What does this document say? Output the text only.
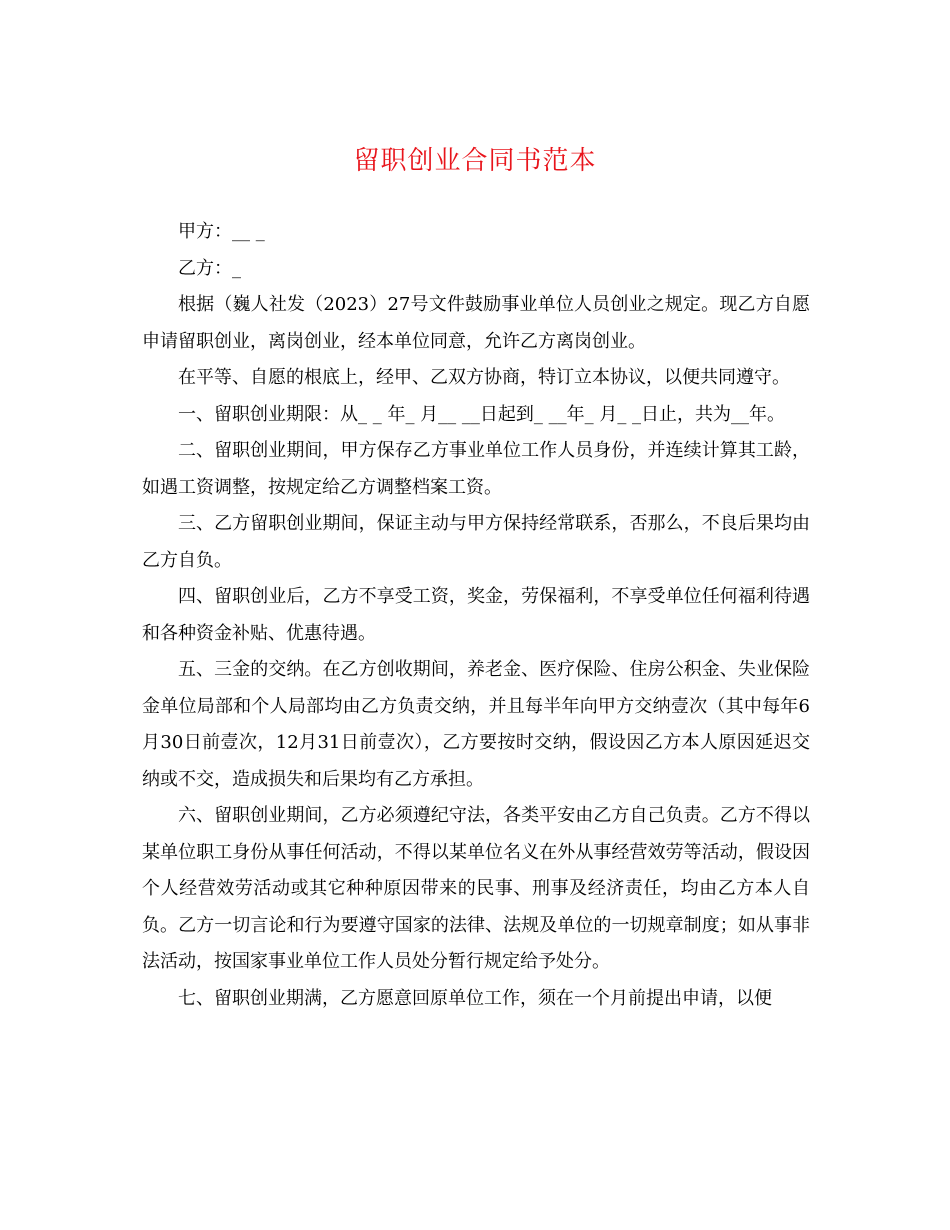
留职创业合同书范本

甲方：__ _

乙方：_

根据（巍人社发（2023）27号文件鼓励事业单位人员创业之规定。现乙方自愿申请留职创业，离岗创业，经本单位同意，允许乙方离岗创业。

在平等、自愿的根底上，经甲、乙双方协商，特订立本协议，以便共同遵守。

一、留职创业期限：从_ _ 年_ 月__ __日起到_ __年_ 月_ _日止，共为__年。

二、留职创业期间，甲方保存乙方事业单位工作人员身份，并连续计算其工龄，如遇工资调整，按规定给乙方调整档案工资。

三、乙方留职创业期间，保证主动与甲方保持经常联系，否那么，不良后果均由乙方自负。

四、留职创业后，乙方不享受工资，奖金，劳保福利，不享受单位任何福利待遇和各种资金补贴、优惠待遇。

五、三金的交纳。在乙方创收期间，养老金、医疗保险、住房公积金、失业保险金单位局部和个人局部均由乙方负责交纳，并且每半年向甲方交纳壹次（其中每年6月30日前壹次，12月31日前壹次），乙方要按时交纳，假设因乙方本人原因延迟交纳或不交，造成损失和后果均有乙方承担。

六、留职创业期间，乙方必须遵纪守法，各类平安由乙方自己负责。乙方不得以某单位职工身份从事任何活动，不得以某单位名义在外从事经营效劳等活动，假设因个人经营效劳活动或其它种种原因带来的民事、刑事及经济责任，均由乙方本人自负。乙方一切言论和行为要遵守国家的法律、法规及单位的一切规章制度；如从事非法活动，按国家事业单位工作人员处分暂行规定给予处分。

七、留职创业期满，乙方愿意回原单位工作，须在一个月前提出申请，以便
